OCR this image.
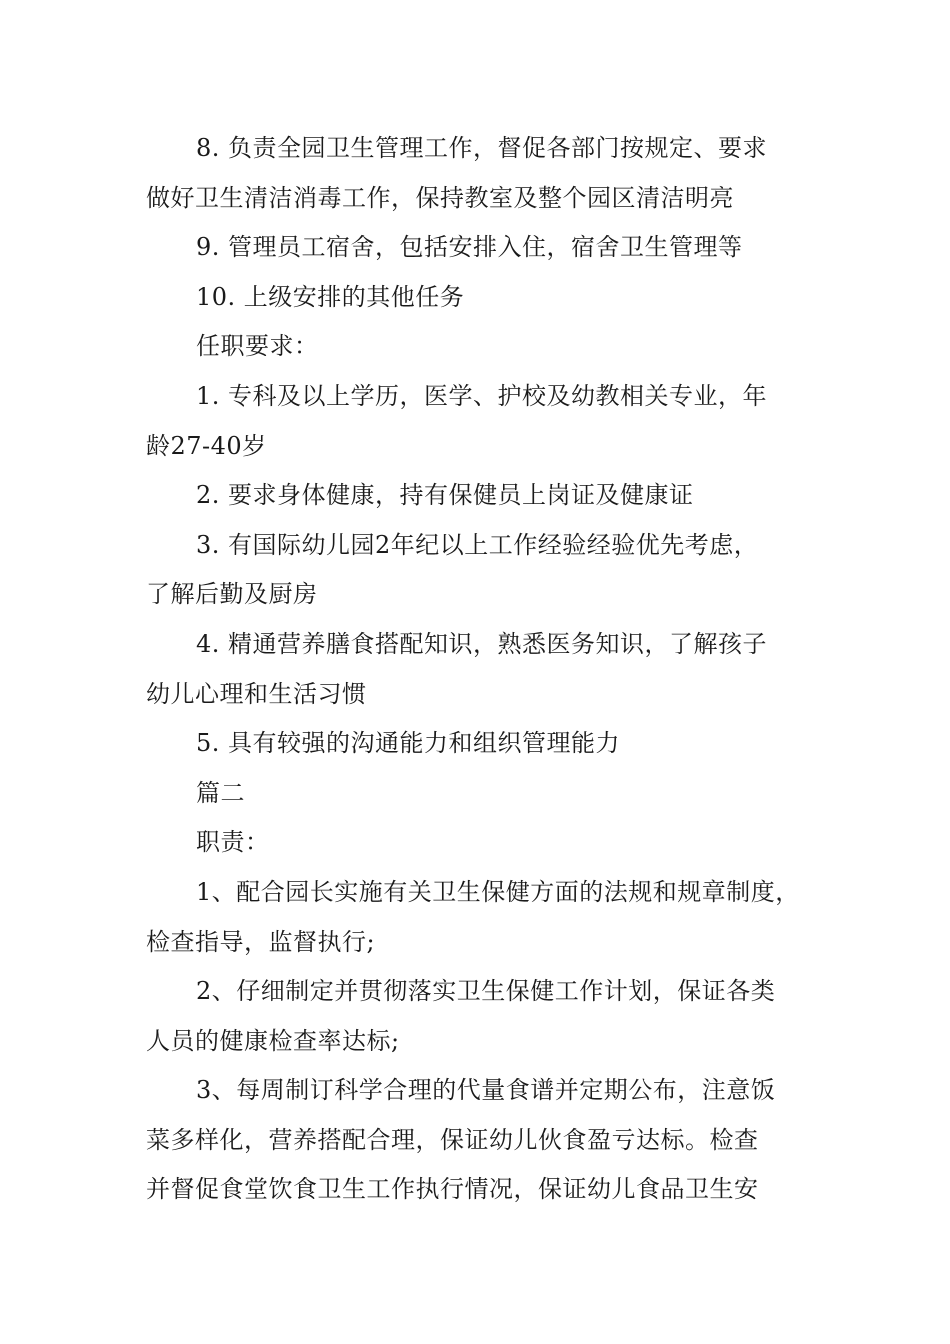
8. 负责全园卫生管理工作，督促各部门按规定、要求

做好卫生清洁消毒工作，保持教室及整个园区清洁明亮

9. 管理员工宿舍，包括安排入住，宿舍卫生管理等

10. 上级安排的其他任务

任职要求：

1. 专科及以上学历，医学、护校及幼教相关专业，年

龄27-40岁

2. 要求身体健康，持有保健员上岗证及健康证

3. 有国际幼儿园2年纪以上工作经验经验优先考虑，

了解后勤及厨房

4. 精通营养膳食搭配知识，熟悉医务知识，了解孩子

幼儿心理和生活习惯

5. 具有较强的沟通能力和组织管理能力

篇二

职责：

1、配合园长实施有关卫生保健方面的法规和规章制度，

检查指导，监督执行;

2、仔细制定并贯彻落实卫生保健工作计划，保证各类

人员的健康检查率达标;

3、每周制订科学合理的代量食谱并定期公布，注意饭

菜多样化，营养搭配合理，保证幼儿伙食盈亏达标。检查

并督促食堂饮食卫生工作执行情况，保证幼儿食品卫生安
